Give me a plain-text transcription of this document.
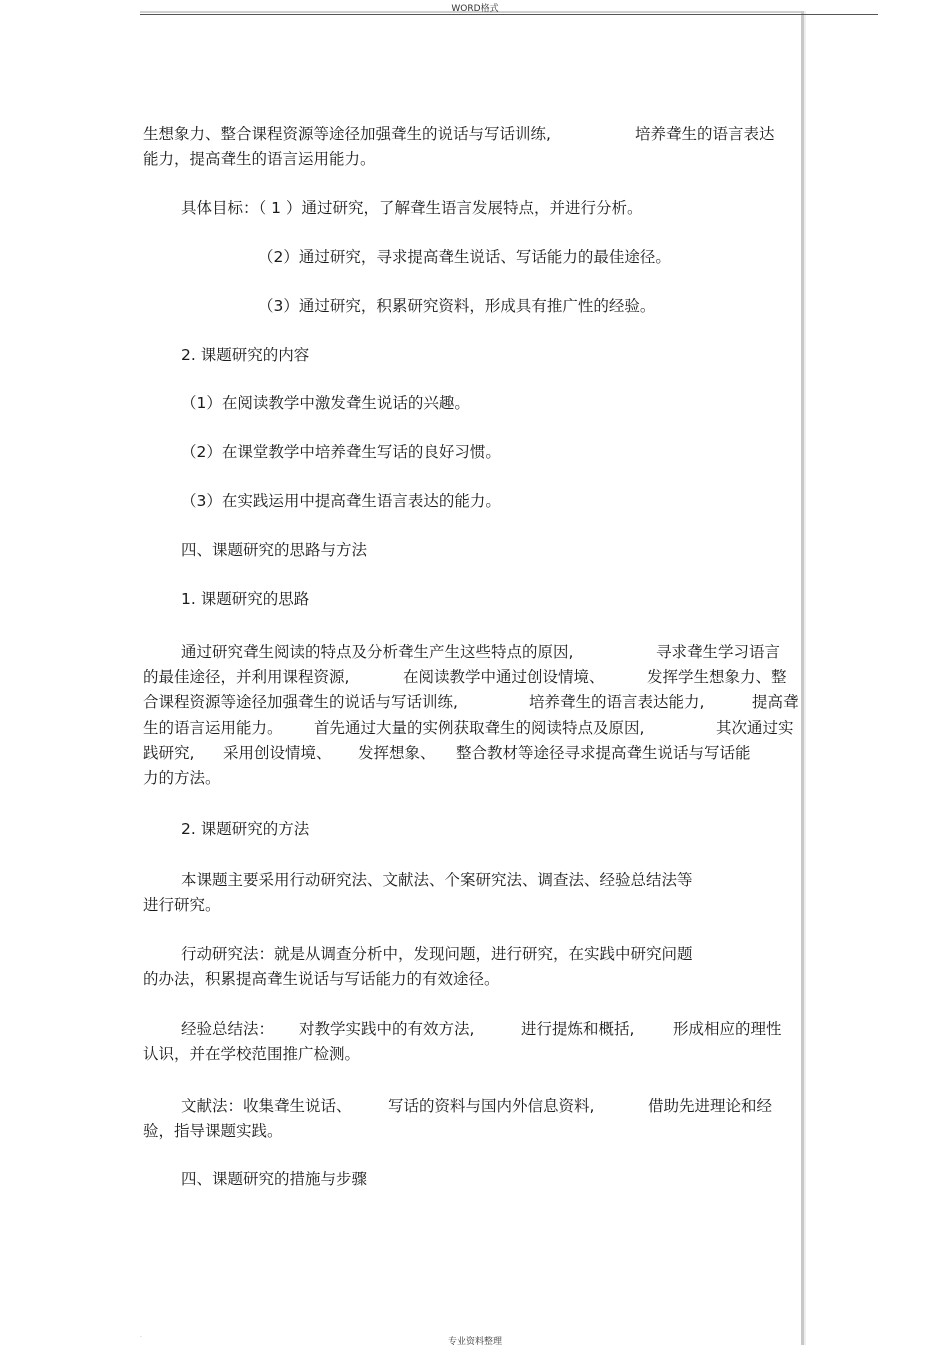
WORD格式
生想象力、整合课程资源等途径加强聋生的说话与写话训练,	培养聋生的语言表达
能力，提高聋生的语言运用能力。
具体目标：（ 1 ）通过研究，了解聋生语言发展特点，并进行分析。
（2）通过研究，寻求提高聋生说话、写话能力的最佳途径。
（3）通过研究，积累研究资料，形成具有推广性的经验。
2. 课题研究的内容
（1）在阅读教学中激发聋生说话的兴趣。
（2）在课堂教学中培养聋生写话的良好习惯。
（3）在实践运用中提高聋生语言表达的能力。
四、课题研究的思路与方法
1. 课题研究的思路
通过研究聋生阅读的特点及分析聋生产生这些特点的原因,	寻求聋生学习语言
的最佳途径，并利用课程资源,	在阅读教学中通过创设情境、	发挥学生想象力、整
合课程资源等途径加强聋生的说话与写话训练,	培养聋生的语言表达能力,	提高聋
生的语言运用能力。 首先通过大量的实例获取聋生的阅读特点及原因,	其次通过实
践研究, 采用创设情境、 发挥想象、 整合教材等途径寻求提高聋生说话与写话能
力的方法。
2. 课题研究的方法
本课题主要采用行动研究法、文献法、个案研究法、调查法、经验总结法等
进行研究。
行动研究法：就是从调查分析中，发现问题，进行研究，在实践中研究问题
的办法，积累提高聋生说话与写话能力的有效途径。
经验总结法： 对教学实践中的有效方法,	进行提炼和概括, 形成相应的理性
认识，并在学校范围推广检测。
文献法：收集聋生说话、 写话的资料与国内外信息资料,	借助先进理论和经
验，指导课题实践。
四、课题研究的措施与步骤
·	专业资料整理
